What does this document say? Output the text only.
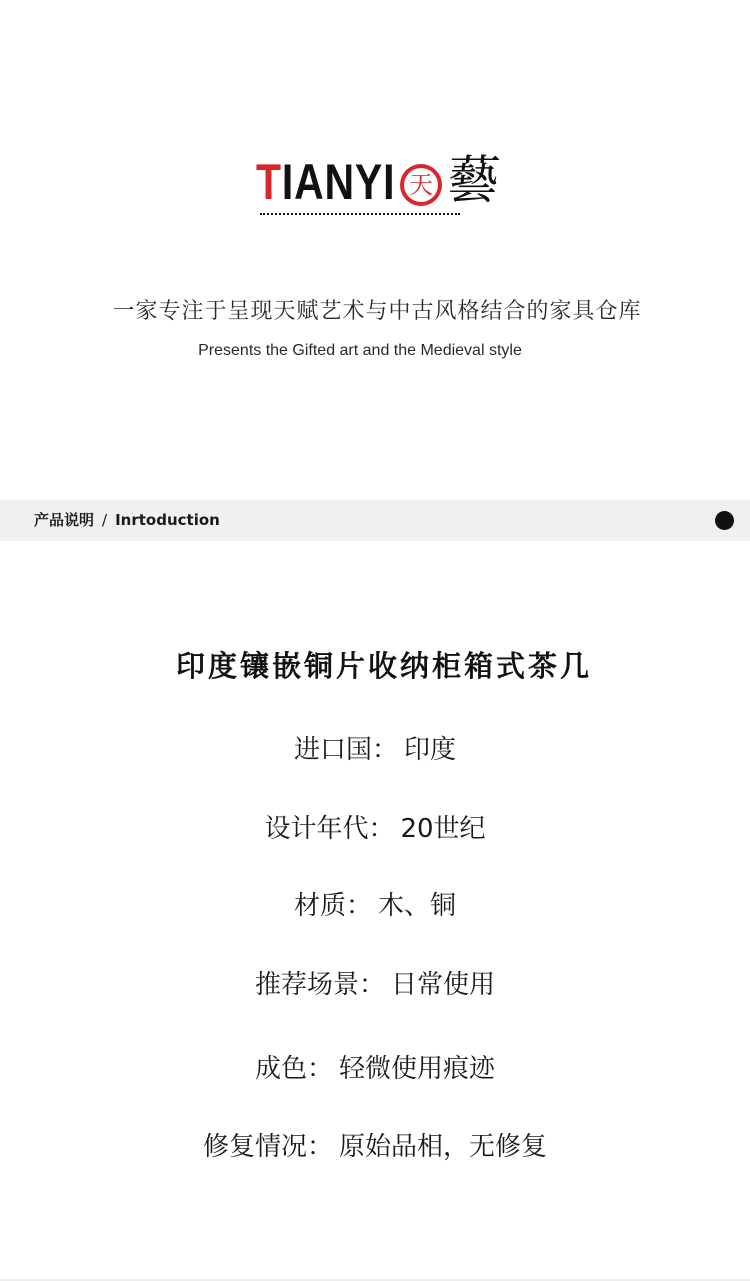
T IANYI 天 藝
一家专注于呈现天赋艺术与中古风格结合的家具仓库
Presents the Gifted art and the Medieval style
产品说明 / Inrtoduction
印度镶嵌铜片收纳柜箱式茶几
进口国： 印度
设计年代： 20世纪
材质： 木、铜
推荐场景： 日常使用
成色： 轻微使用痕迹
修复情况： 原始品相，无修复
